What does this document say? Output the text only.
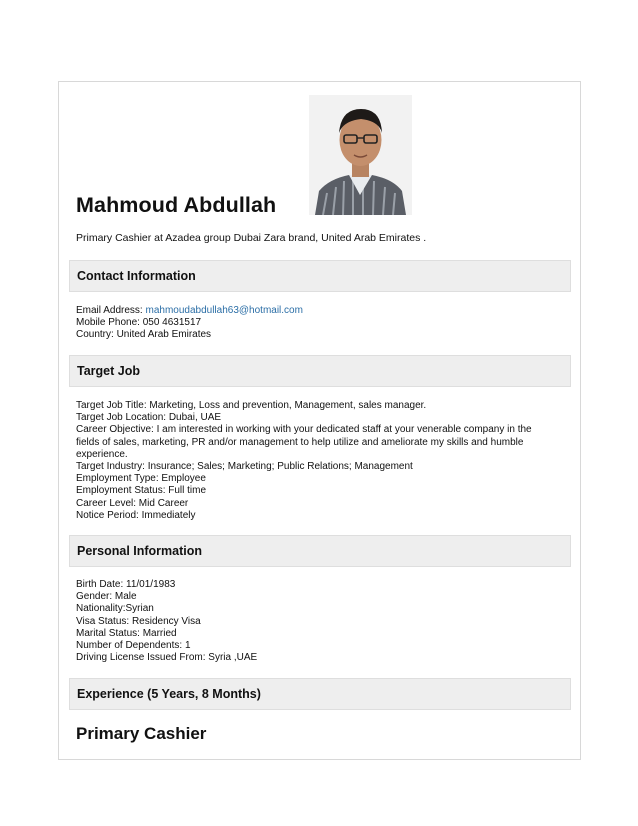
Mahmoud Abdullah
Primary Cashier at Azadea group Dubai Zara brand, United Arab Emirates .
Contact Information
Email Address: mahmoudabdullah63@hotmail.com
Mobile Phone: 050 4631517
Country: United Arab Emirates
Target Job
Target Job Title: Marketing, Loss and prevention, Management, sales manager.
Target Job Location: Dubai, UAE
Career Objective: I am interested in working with your dedicated staff at your venerable company in the fields of sales, marketing, PR and/or management to help utilize and ameliorate my skills and humble experience.
Target Industry: Insurance; Sales; Marketing; Public Relations; Management
Employment Type: Employee
Employment Status: Full time
Career Level: Mid Career
Notice Period: Immediately
Personal Information
Birth Date: 11/01/1983
Gender: Male
Nationality:Syrian
Visa Status: Residency Visa
Marital Status: Married
Number of Dependents: 1
Driving License Issued From: Syria ,UAE
Experience (5 Years, 8 Months)
Primary Cashier
